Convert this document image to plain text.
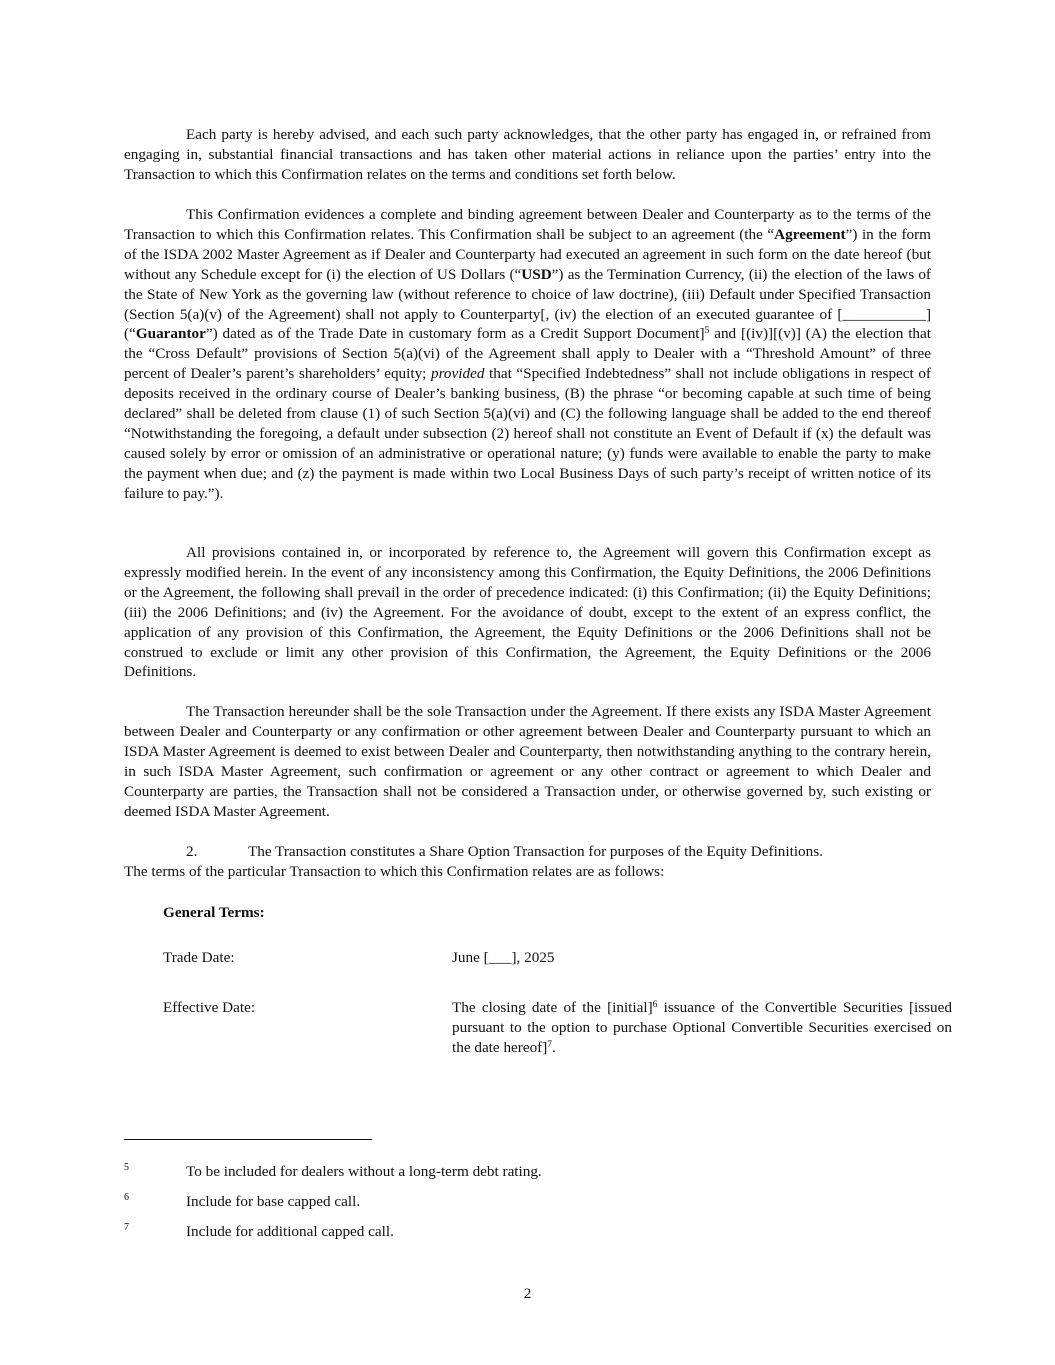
Each party is hereby advised, and each such party acknowledges, that the other party has engaged in, or refrained from engaging in, substantial financial transactions and has taken other material actions in reliance upon the parties’ entry into the Transaction to which this Confirmation relates on the terms and conditions set forth below.

This Confirmation evidences a complete and binding agreement between Dealer and Counterparty as to the terms of the Transaction to which this Confirmation relates. This Confirmation shall be subject to an agreement (the “Agreement”) in the form of the ISDA 2002 Master Agreement as if Dealer and Counterparty had executed an agreement in such form on the date hereof (but without any Schedule except for (i) the election of US Dollars (“USD”) as the Termination Currency, (ii) the election of the laws of the State of New York as the governing law (without reference to choice of law doctrine), (iii) Default under Specified Transaction (Section 5(a)(v) of the Agreement) shall not apply to Counterparty[, (iv) the election of an executed guarantee of [___________] (“Guarantor”) dated as of the Trade Date in customary form as a Credit Support Document]$^5$ and [(iv)][(v)] (A) the election that the “Cross Default” provisions of Section 5(a)(vi) of the Agreement shall apply to Dealer with a “Threshold Amount” of three percent of Dealer’s parent’s shareholders’ equity; provided that “Specified Indebtedness” shall not include obligations in respect of deposits received in the ordinary course of Dealer’s banking business, (B) the phrase “or becoming capable at such time of being declared” shall be deleted from clause (1) of such Section 5(a)(vi) and (C) the following language shall be added to the end thereof “Notwithstanding the foregoing, a default under subsection (2) hereof shall not constitute an Event of Default if (x) the default was caused solely by error or omission of an administrative or operational nature; (y) funds were available to enable the party to make the payment when due; and (z) the payment is made within two Local Business Days of such party’s receipt of written notice of its failure to pay.”).

All provisions contained in, or incorporated by reference to, the Agreement will govern this Confirmation except as expressly modified herein. In the event of any inconsistency among this Confirmation, the Equity Definitions, the 2006 Definitions or the Agreement, the following shall prevail in the order of precedence indicated: (i) this Confirmation; (ii) the Equity Definitions; (iii) the 2006 Definitions; and (iv) the Agreement. For the avoidance of doubt, except to the extent of an express conflict, the application of any provision of this Confirmation, the Agreement, the Equity Definitions or the 2006 Definitions shall not be construed to exclude or limit any other provision of this Confirmation, the Agreement, the Equity Definitions or the 2006 Definitions.

The Transaction hereunder shall be the sole Transaction under the Agreement. If there exists any ISDA Master Agreement between Dealer and Counterparty or any confirmation or other agreement between Dealer and Counterparty pursuant to which an ISDA Master Agreement is deemed to exist between Dealer and Counterparty, then notwithstanding anything to the contrary herein, in such ISDA Master Agreement, such confirmation or agreement or any other contract or agreement to which Dealer and Counterparty are parties, the Transaction shall not be considered a Transaction under, or otherwise governed by, such existing or deemed ISDA Master Agreement.

2.	The Transaction constitutes a Share Option Transaction for purposes of the Equity Definitions.
The terms of the particular Transaction to which this Confirmation relates are as follows:
General Terms:
Trade Date:	June [___], 2025
Effective Date:	The closing date of the [initial]$^6$ issuance of the Convertible Securities [issued pursuant to the option to purchase Optional Convertible Securities exercised on the date hereof]$^7$.
5	To be included for dealers without a long-term debt rating.
6	Include for base capped call.
7	Include for additional capped call.
2
